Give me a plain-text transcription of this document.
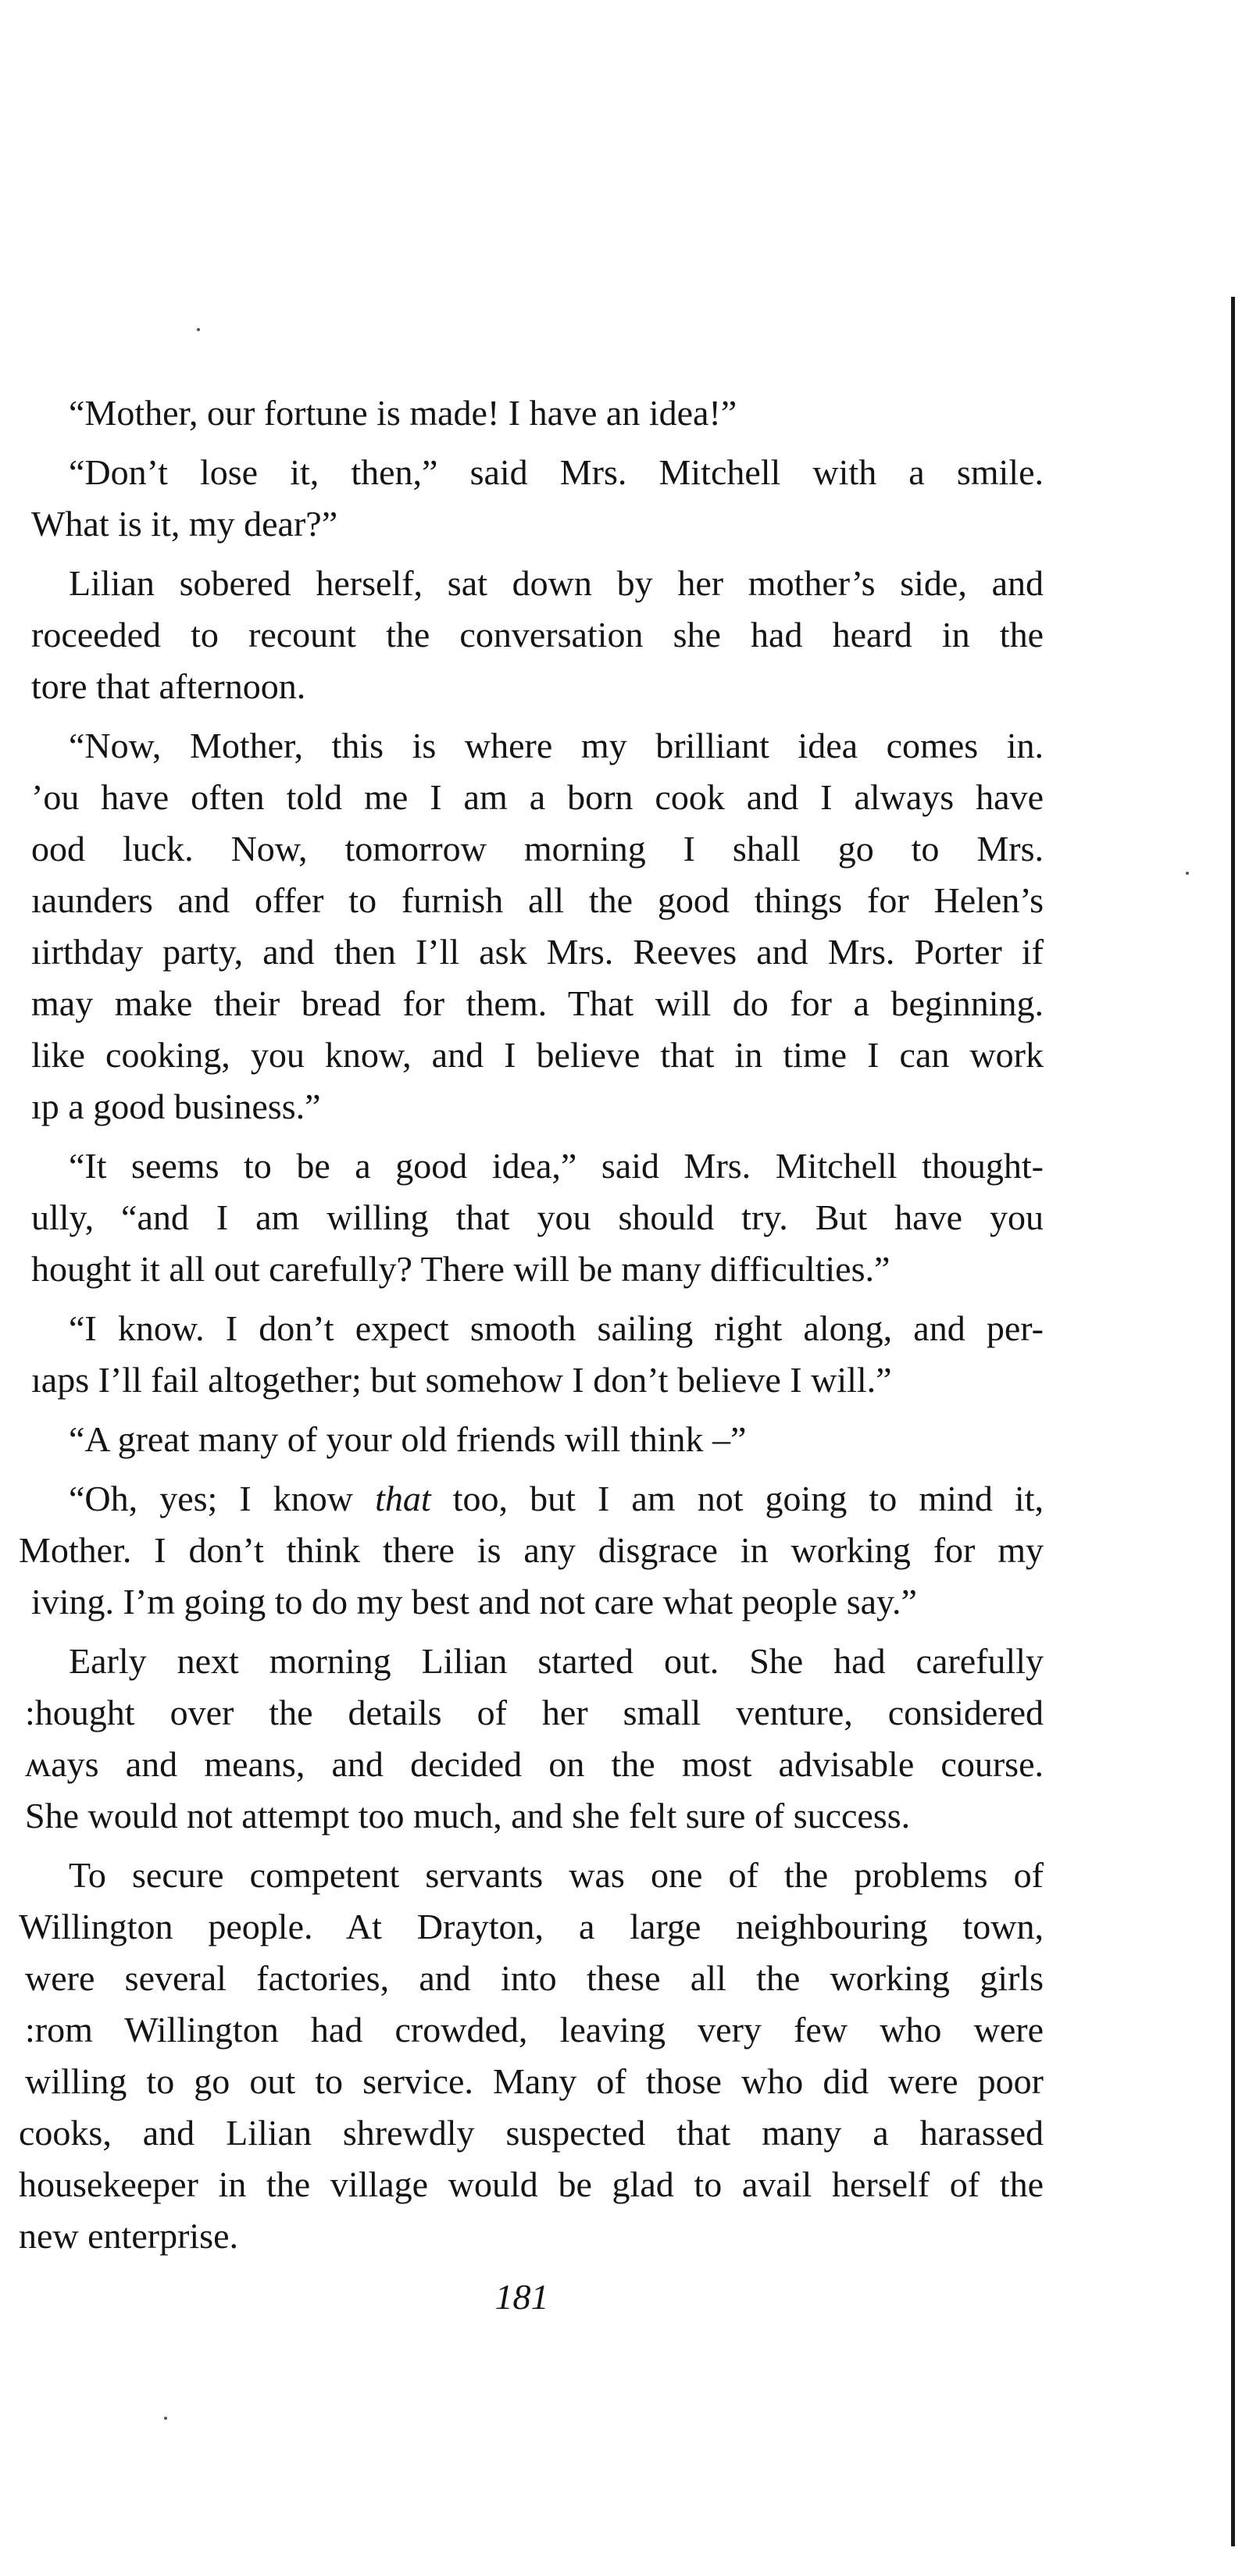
“Mother, our fortune is made! I have an idea!”
“Don’t lose it, then,” said Mrs. Mitchell with a smile.
What is it, my dear?”
Lilian sobered herself, sat down by her mother’s side, and
roceeded to recount the conversation she had heard in the
tore that afternoon.
“Now, Mother, this is where my brilliant idea comes in.
’ou have often told me I am a born cook and I always have
ood luck. Now, tomorrow morning I shall go to Mrs.
ıaunders and offer to furnish all the good things for Helen’s
ıirthday party, and then I’ll ask Mrs. Reeves and Mrs. Porter if
may make their bread for them. That will do for a beginning.
like cooking, you know, and I believe that in time I can work
ıp a good business.”
“It seems to be a good idea,” said Mrs. Mitchell thought-
ully, “and I am willing that you should try. But have you
hought it all out carefully? There will be many difficulties.”
“I know. I don’t expect smooth sailing right along, and per-
ıaps I’ll fail altogether; but somehow I don’t believe I will.”
“A great many of your old friends will think –”
“Oh, yes; I know that too, but I am not going to mind it,
Mother. I don’t think there is any disgrace in working for my
iving. I’m going to do my best and not care what people say.”
Early next morning Lilian started out. She had carefully
:hought over the details of her small venture, considered
ʍays and means, and decided on the most advisable course.
She would not attempt too much, and she felt sure of success.
To secure competent servants was one of the problems of
Willington people. At Drayton, a large neighbouring town,
were several factories, and into these all the working girls
:rom Willington had crowded, leaving very few who were
willing to go out to service. Many of those who did were poor
cooks, and Lilian shrewdly suspected that many a harassed
housekeeper in the village would be glad to avail herself of the
new enterprise.
181
